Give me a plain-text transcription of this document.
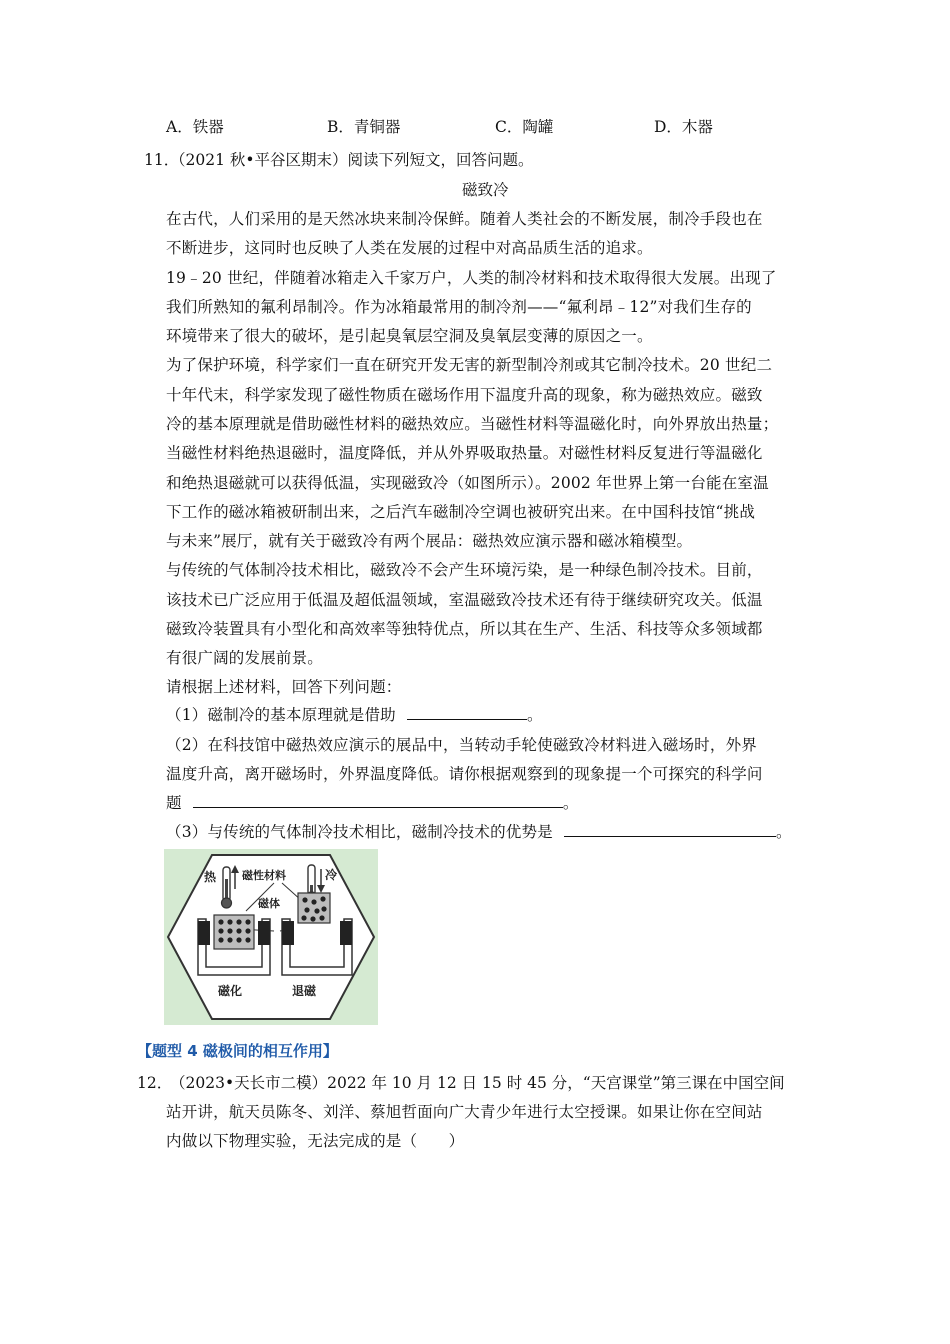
A．铁器	B．青铜器	C．陶罐	D．木器
11．
（2021 秋•平谷区期末）阅读下列短文，回答问题。
磁致冷
在古代，人们采用的是天然冰块来制冷保鲜。随着人类社会的不断发展，制冷手段也在
不断进步，这同时也反映了人类在发展的过程中对高品质生活的追求。
19﹣20 世纪，伴随着冰箱走入千家万户，人类的制冷材料和技术取得很大发展。出现了
我们所熟知的氟利昂制冷。作为冰箱最常用的制冷剂——“氟利昂﹣12”对我们生存的
环境带来了很大的破坏，是引起臭氧层空洞及臭氧层变薄的原因之一。
为了保护环境，科学家们一直在研究开发无害的新型制冷剂或其它制冷技术。20 世纪二
十年代末，科学家发现了磁性物质在磁场作用下温度升高的现象，称为磁热效应。磁致
冷的基本原理就是借助磁性材料的磁热效应。当磁性材料等温磁化时，向外界放出热量；
当磁性材料绝热退磁时，温度降低，并从外界吸取热量。对磁性材料反复进行等温磁化
和绝热退磁就可以获得低温，实现磁致冷（如图所示）。2002 年世界上第一台能在室温
下工作的磁冰箱被研制出来，之后汽车磁制冷空调也被研究出来。在中国科技馆“挑战
与未来”展厅，就有关于磁致冷有两个展品：磁热效应演示器和磁冰箱模型。
与传统的气体制冷技术相比，磁致冷不会产生环境污染，是一种绿色制冷技术。目前，
该技术已广泛应用于低温及超低温领域，室温磁致冷技术还有待于继续研究攻关。低温
磁致冷装置具有小型化和高效率等独特优点，所以其在生产、生活、科技等众多领域都
有很广阔的发展前景。
请根据上述材料，回答下列问题：
（1）磁制冷的基本原理就是借助	。
（2）在科技馆中磁热效应演示的展品中，当转动手轮使磁致冷材料进入磁场时，外界
温度升高，离开磁场时，外界温度降低。请你根据观察到的现象提一个可探究的科学问
题	。
（3）与传统的气体制冷技术相比，磁制冷技术的优势是	。
热	冷
磁性材料
磁体
磁化	退磁
【题型 4 磁极间的相互作用】
12．
（2023•天长市二模）2022 年 10 月 12 日 15 时 45 分，“天宫课堂”第三课在中国空间
站开讲，航天员陈冬、刘洋、蔡旭哲面向广大青少年进行太空授课。如果让你在空间站
内做以下物理实验，无法完成的是（　　）
